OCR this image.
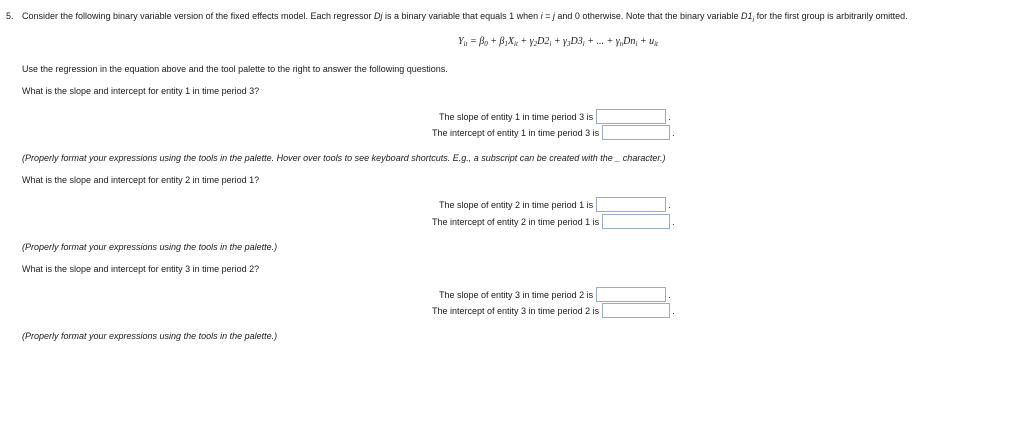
5. Consider the following binary variable version of the fixed effects model. Each regressor Dj is a binary variable that equals 1 when i = j and 0 otherwise. Note that the binary variable $D1_i$ for the first group is arbitrarily omitted.
$Y_{it} = \beta_0 + \beta_1X_{it} + \gamma_2D2_i + \gamma_3D3_i$ + ... + $\gamma_nDn_i + u_{it}$
Use the regression in the equation above and the tool palette to the right to answer the following questions.
What is the slope and intercept for entity 1 in time period 3?
The slope of entity 1 in time period 3 is	.
The intercept of entity 1 in time period 3 is	.
(Properly format your expressions using the tools in the palette. Hover over tools to see keyboard shortcuts. E.g., a subscript can be created with the _ character.)
What is the slope and intercept for entity 2 in time period 1?
The slope of entity 2 in time period 1 is	.
The intercept of entity 2 in time period 1 is	.
(Properly format your expressions using the tools in the palette.)
What is the slope and intercept for entity 3 in time period 2?
The slope of entity 3 in time period 2 is	.
The intercept of entity 3 in time period 2 is	.
(Properly format your expressions using the tools in the palette.)
